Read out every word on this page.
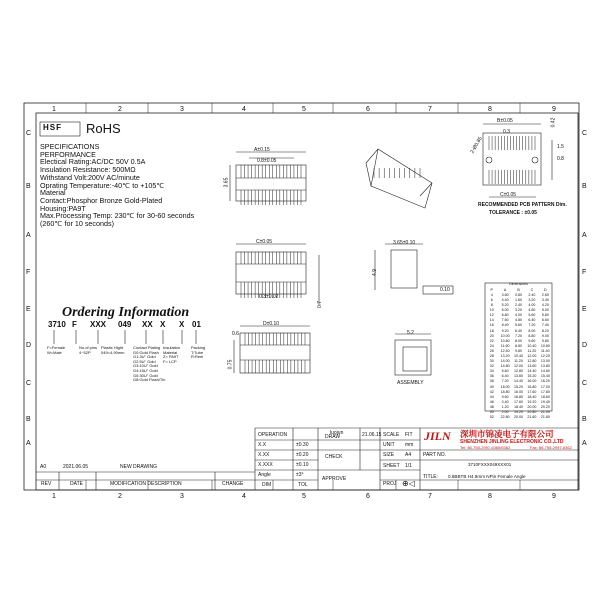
HSF RoHS
SPECIFICATIONS
PERFORMANCE
Electical Rating:AC/DC 50V 0.5A
Insulation Resistance: 500MΩ
Withstand Volt:200V AC/minute
Oprating Temperature:-40℃ to +105℃
Material
Contact:Phosphor Bronze Gold-Plated
Housing:PA9T
Max.Processing Temp: 230℃ for 30-60 seconds
(260℃ for 10 seconds)
Ordering Information
3710 F XXX 049 XX X X 01
F=Female
W=Male
No.of pins
4~52P
Plastic Hight
049=4.90mm
Contact Plating
G0:Gold Flash
G1:3U" Gold
G2:5U" Gold
G3:10U" Gold
G4:15U" Gold
G5:30U" Gold
G8:Gold Flash/Tin
Insulation
Material
Z= PA9T
F= LCP
Packing
T:Tube
R:Reel
A±0.15
0.8±0.05
3.65
C±0.05
0.3±0.02
0.7
D±0.10
0.6
0.75
3.65±0.10
4.9
0.10
5.2
ASSEMBLY
B±0.05
0.3
C±0.05
0.42
2-Ø0.85
0.8
1.5
RECOMMENDED PCB PATTERN Dim.
TOLERANCE : ±0.05
Dimensions
P	A	B	C	D
4	3.60	0.80	2.40	2.60
6	4.40	1.60	3.20	3.40
8	5.20	2.40	4.00	4.20
10	6.00	3.20	4.80	5.00
12	6.80	4.00	5.60	5.80
14	7.60	4.80	6.40	6.60
16	8.40	5.60	7.20	7.40
18	9.20	6.40	8.00	8.20
20	10.00	7.20	8.80	9.00
22	10.80	8.00	9.60	9.80
24	11.60	8.80	10.40	10.60
26	12.40	9.60	11.20	11.40
28	13.20	10.40	12.00	12.20
30	14.00	11.20	12.80	13.00
32	14.80	12.00	13.60	13.80
34	5.60	12.80	14.40	14.60
36	6.40	13.60	15.20	15.40
38	7.20	14.40	16.00	16.20
40	18.00	15.20	16.80	17.00
42	18.80	16.00	17.60	17.80
44	9.60	16.80	18.40	18.60
46	0.40	17.60	19.20	19.40
48	1.20	18.40	20.00	20.20
50	2.00	19.20	20.80	21.00
52	22.80	20.00	21.60	21.80
OPERATION
X.X	±0.30
X.XX	±0.20
X.XXX	±0.10
Angle	±3°
DIM	TOL
DRAW
luojun	21.06.15
CHECK
APPROVE
SCALE FIT
UNIT mm
SIZE A4
SHEET 1/1
PROJ ⊕◁
JILN 深圳市锦凌电子有限公司
SHENZHEN JINLING ELECTRONIC CO.,LTD
Tel: 86-755-2997-6365/6362	Fax: 86-755-2997-6362
PART NO.
3710FXXX049XXX01
TITLE: 0.8BBTB H4.9mm NPin Female Angle
REV	DATE	MODIFICATION DESCRIPTION	CHANGE
A0	2021.06.05	NEW DRAWING
1
1
2
2
3
3
4
4
5
5
6
6
7
7
8
8
9
9
C	C
B	B
A	A
F	F
E	E
D	D
C	C
B	B
A	A
